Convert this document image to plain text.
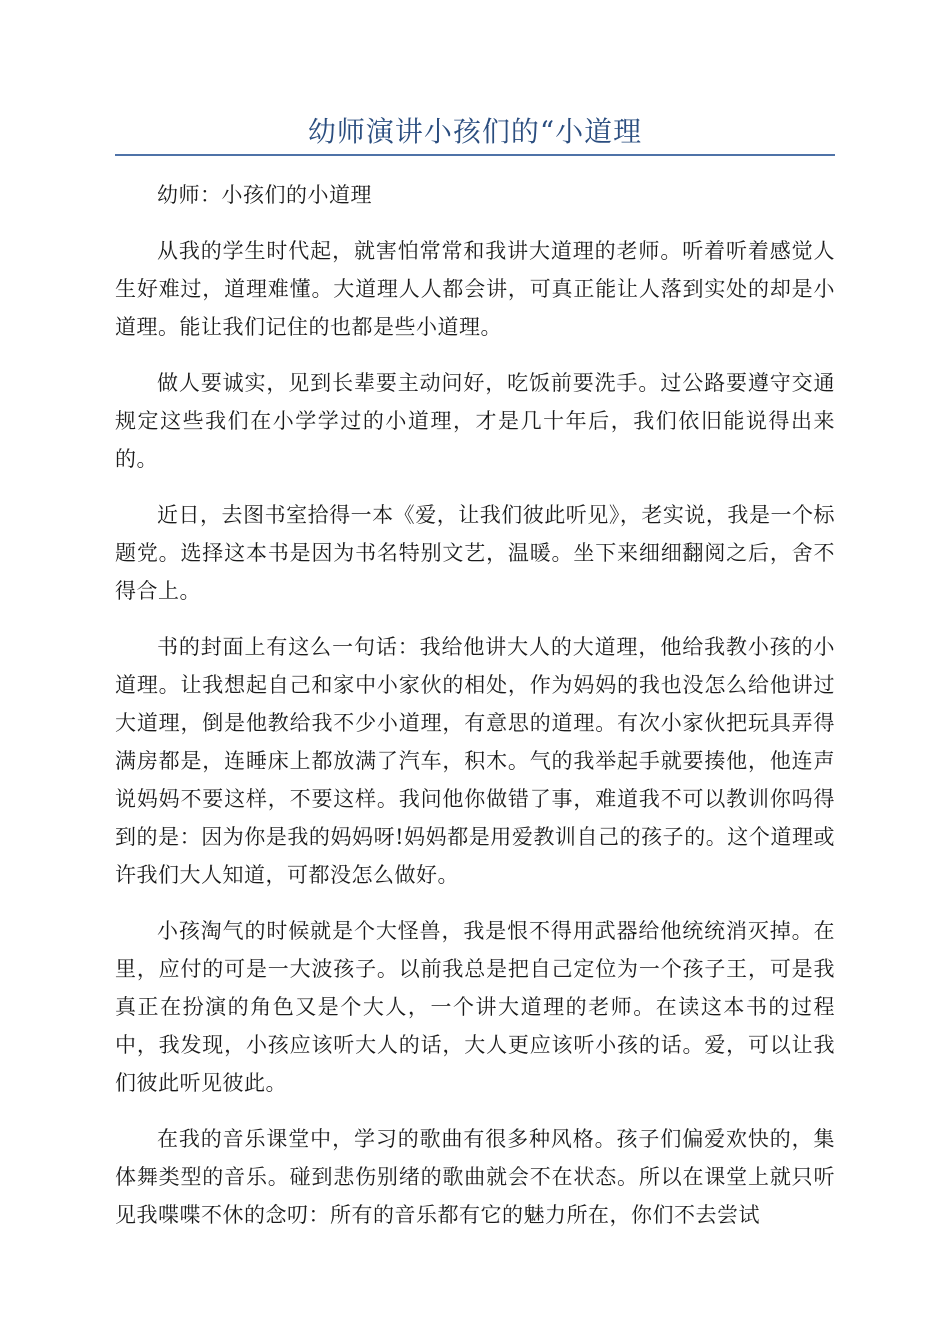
幼师演讲小孩们的“小道理

幼师：小孩们的小道理

从我的学生时代起，就害怕常常和我讲大道理的老师。听着听着感觉人生好难过，道理难懂。大道理人人都会讲，可真正能让人落到实处的却是小道理。能让我们记住的也都是些小道理。

做人要诚实，见到长辈要主动问好，吃饭前要洗手。过公路要遵守交通规定这些我们在小学学过的小道理，才是几十年后，我们依旧能说得出来的。

近日，去图书室拾得一本《爱，让我们彼此听见》，老实说，我是一个标题党。选择这本书是因为书名特别文艺，温暖。坐下来细细翻阅之后，舍不得合上。

书的封面上有这么一句话：我给他讲大人的大道理，他给我教小孩的小道理。让我想起自己和家中小家伙的相处，作为妈妈的我也没怎么给他讲过大道理，倒是他教给我不少小道理，有意思的道理。有次小家伙把玩具弄得满房都是，连睡床上都放满了汽车，积木。气的我举起手就要揍他，他连声说妈妈不要这样，不要这样。我问他你做错了事，难道我不可以教训你吗得到的是：因为你是我的妈妈呀!妈妈都是用爱教训自己的孩子的。这个道理或许我们大人知道，可都没怎么做好。

小孩淘气的时候就是个大怪兽，我是恨不得用武器给他统统消灭掉。在里，应付的可是一大波孩子。以前我总是把自己定位为一个孩子王，可是我真正在扮演的角色又是个大人，一个讲大道理的老师。在读这本书的过程中，我发现，小孩应该听大人的话，大人更应该听小孩的话。爱，可以让我们彼此听见彼此。

在我的音乐课堂中，学习的歌曲有很多种风格。孩子们偏爱欢快的，集体舞类型的音乐。碰到悲伤别绪的歌曲就会不在状态。所以在课堂上就只听见我喋喋不休的念叨：所有的音乐都有它的魅力所在，你们不去尝试
